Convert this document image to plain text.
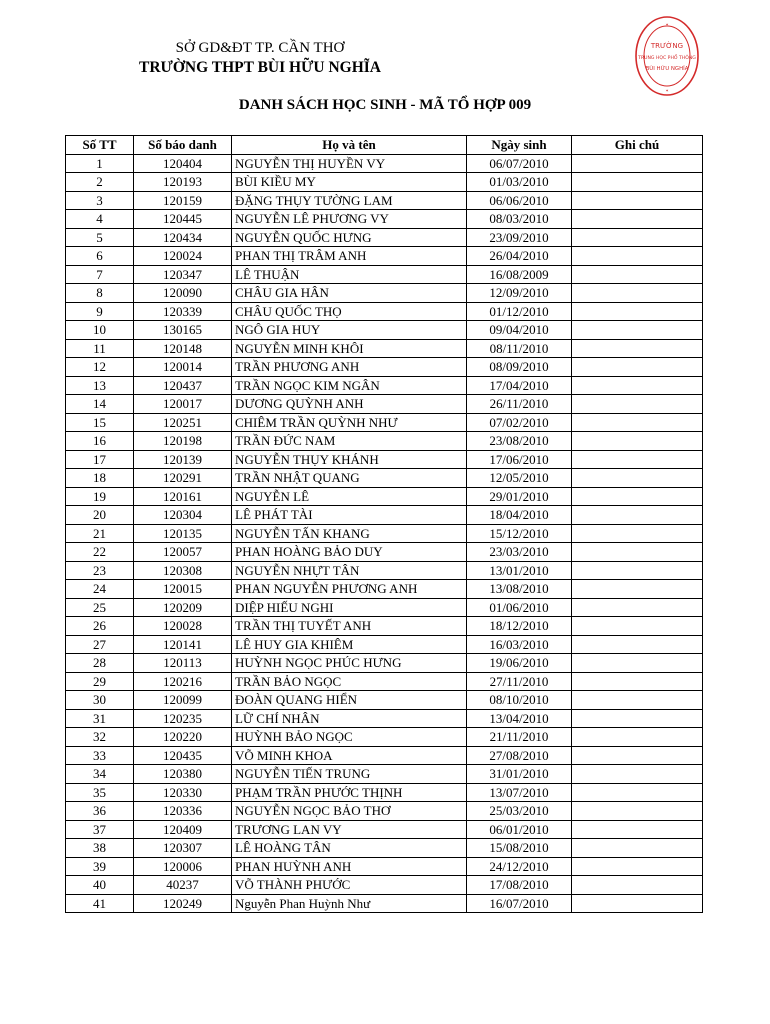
SỞ GD&ĐT TP. CẦN THƠ
TRƯỜNG THPT BÙI HỮU NGHĨA
DANH SÁCH HỌC SINH - MÃ TỔ HỢP 009
TRƯỜNG
TRUNG HỌC PHỔ THÔNG
BÙI HỮU NGHĨA
✶
✶
Số TT	Số báo danh	Họ và tên	Ngày sinh	Ghi chú
1	120404	NGUYỄN THỊ HUYỀN VY	06/07/2010	
2	120193	BÙI KIỀU MY	01/03/2010	
3	120159	ĐẶNG THỤY TƯỜNG LAM	06/06/2010	
4	120445	NGUYỄN LÊ PHƯƠNG VY	08/03/2010	
5	120434	NGUYỄN QUỐC HƯNG	23/09/2010	
6	120024	PHAN THỊ TRÂM ANH	26/04/2010	
7	120347	LÊ THUẬN	16/08/2009	
8	120090	CHÂU GIA HÂN	12/09/2010	
9	120339	CHÂU QUỐC THỌ	01/12/2010	
10	130165	NGÔ GIA HUY	09/04/2010	
11	120148	NGUYỄN MINH KHÔI	08/11/2010	
12	120014	TRẦN PHƯƠNG ANH	08/09/2010	
13	120437	TRẦN NGỌC KIM NGÂN	17/04/2010	
14	120017	DƯƠNG QUỲNH ANH	26/11/2010	
15	120251	CHIÊM TRẦN QUỲNH NHƯ	07/02/2010	
16	120198	TRẦN ĐỨC NAM	23/08/2010	
17	120139	NGUYỄN THỤY KHÁNH	17/06/2010	
18	120291	TRẦN NHẬT QUANG	12/05/2010	
19	120161	NGUYỄN LÊ	29/01/2010	
20	120304	LÊ PHÁT TÀI	18/04/2010	
21	120135	NGUYỄN TẤN KHANG	15/12/2010	
22	120057	PHAN HOÀNG BẢO DUY	23/03/2010	
23	120308	NGUYỄN NHỰT TÂN	13/01/2010	
24	120015	PHAN NGUYỄN PHƯƠNG ANH	13/08/2010	
25	120209	DIỆP HIẾU NGHI	01/06/2010	
26	120028	TRẦN THỊ TUYẾT ANH	18/12/2010	
27	120141	LÊ HUY GIA KHIÊM	16/03/2010	
28	120113	HUỲNH NGỌC PHÚC HƯNG	19/06/2010	
29	120216	TRẦN BẢO NGỌC	27/11/2010	
30	120099	ĐOÀN QUANG HIỂN	08/10/2010	
31	120235	LỮ CHÍ NHÂN	13/04/2010	
32	120220	HUỲNH BẢO NGỌC	21/11/2010	
33	120435	VÕ MINH KHOA	27/08/2010	
34	120380	NGUYỄN TIẾN TRUNG	31/01/2010	
35	120330	PHẠM TRẦN PHƯỚC THỊNH	13/07/2010	
36	120336	NGUYỄN NGỌC BẢO THƠ	25/03/2010	
37	120409	TRƯƠNG LAN VY	06/01/2010	
38	120307	LÊ HOÀNG TÂN	15/08/2010	
39	120006	PHAN HUỲNH ANH	24/12/2010	
40	40237	VÕ THÀNH PHƯỚC	17/08/2010	
41	120249	Nguyễn Phan Huỳnh Như	16/07/2010	
